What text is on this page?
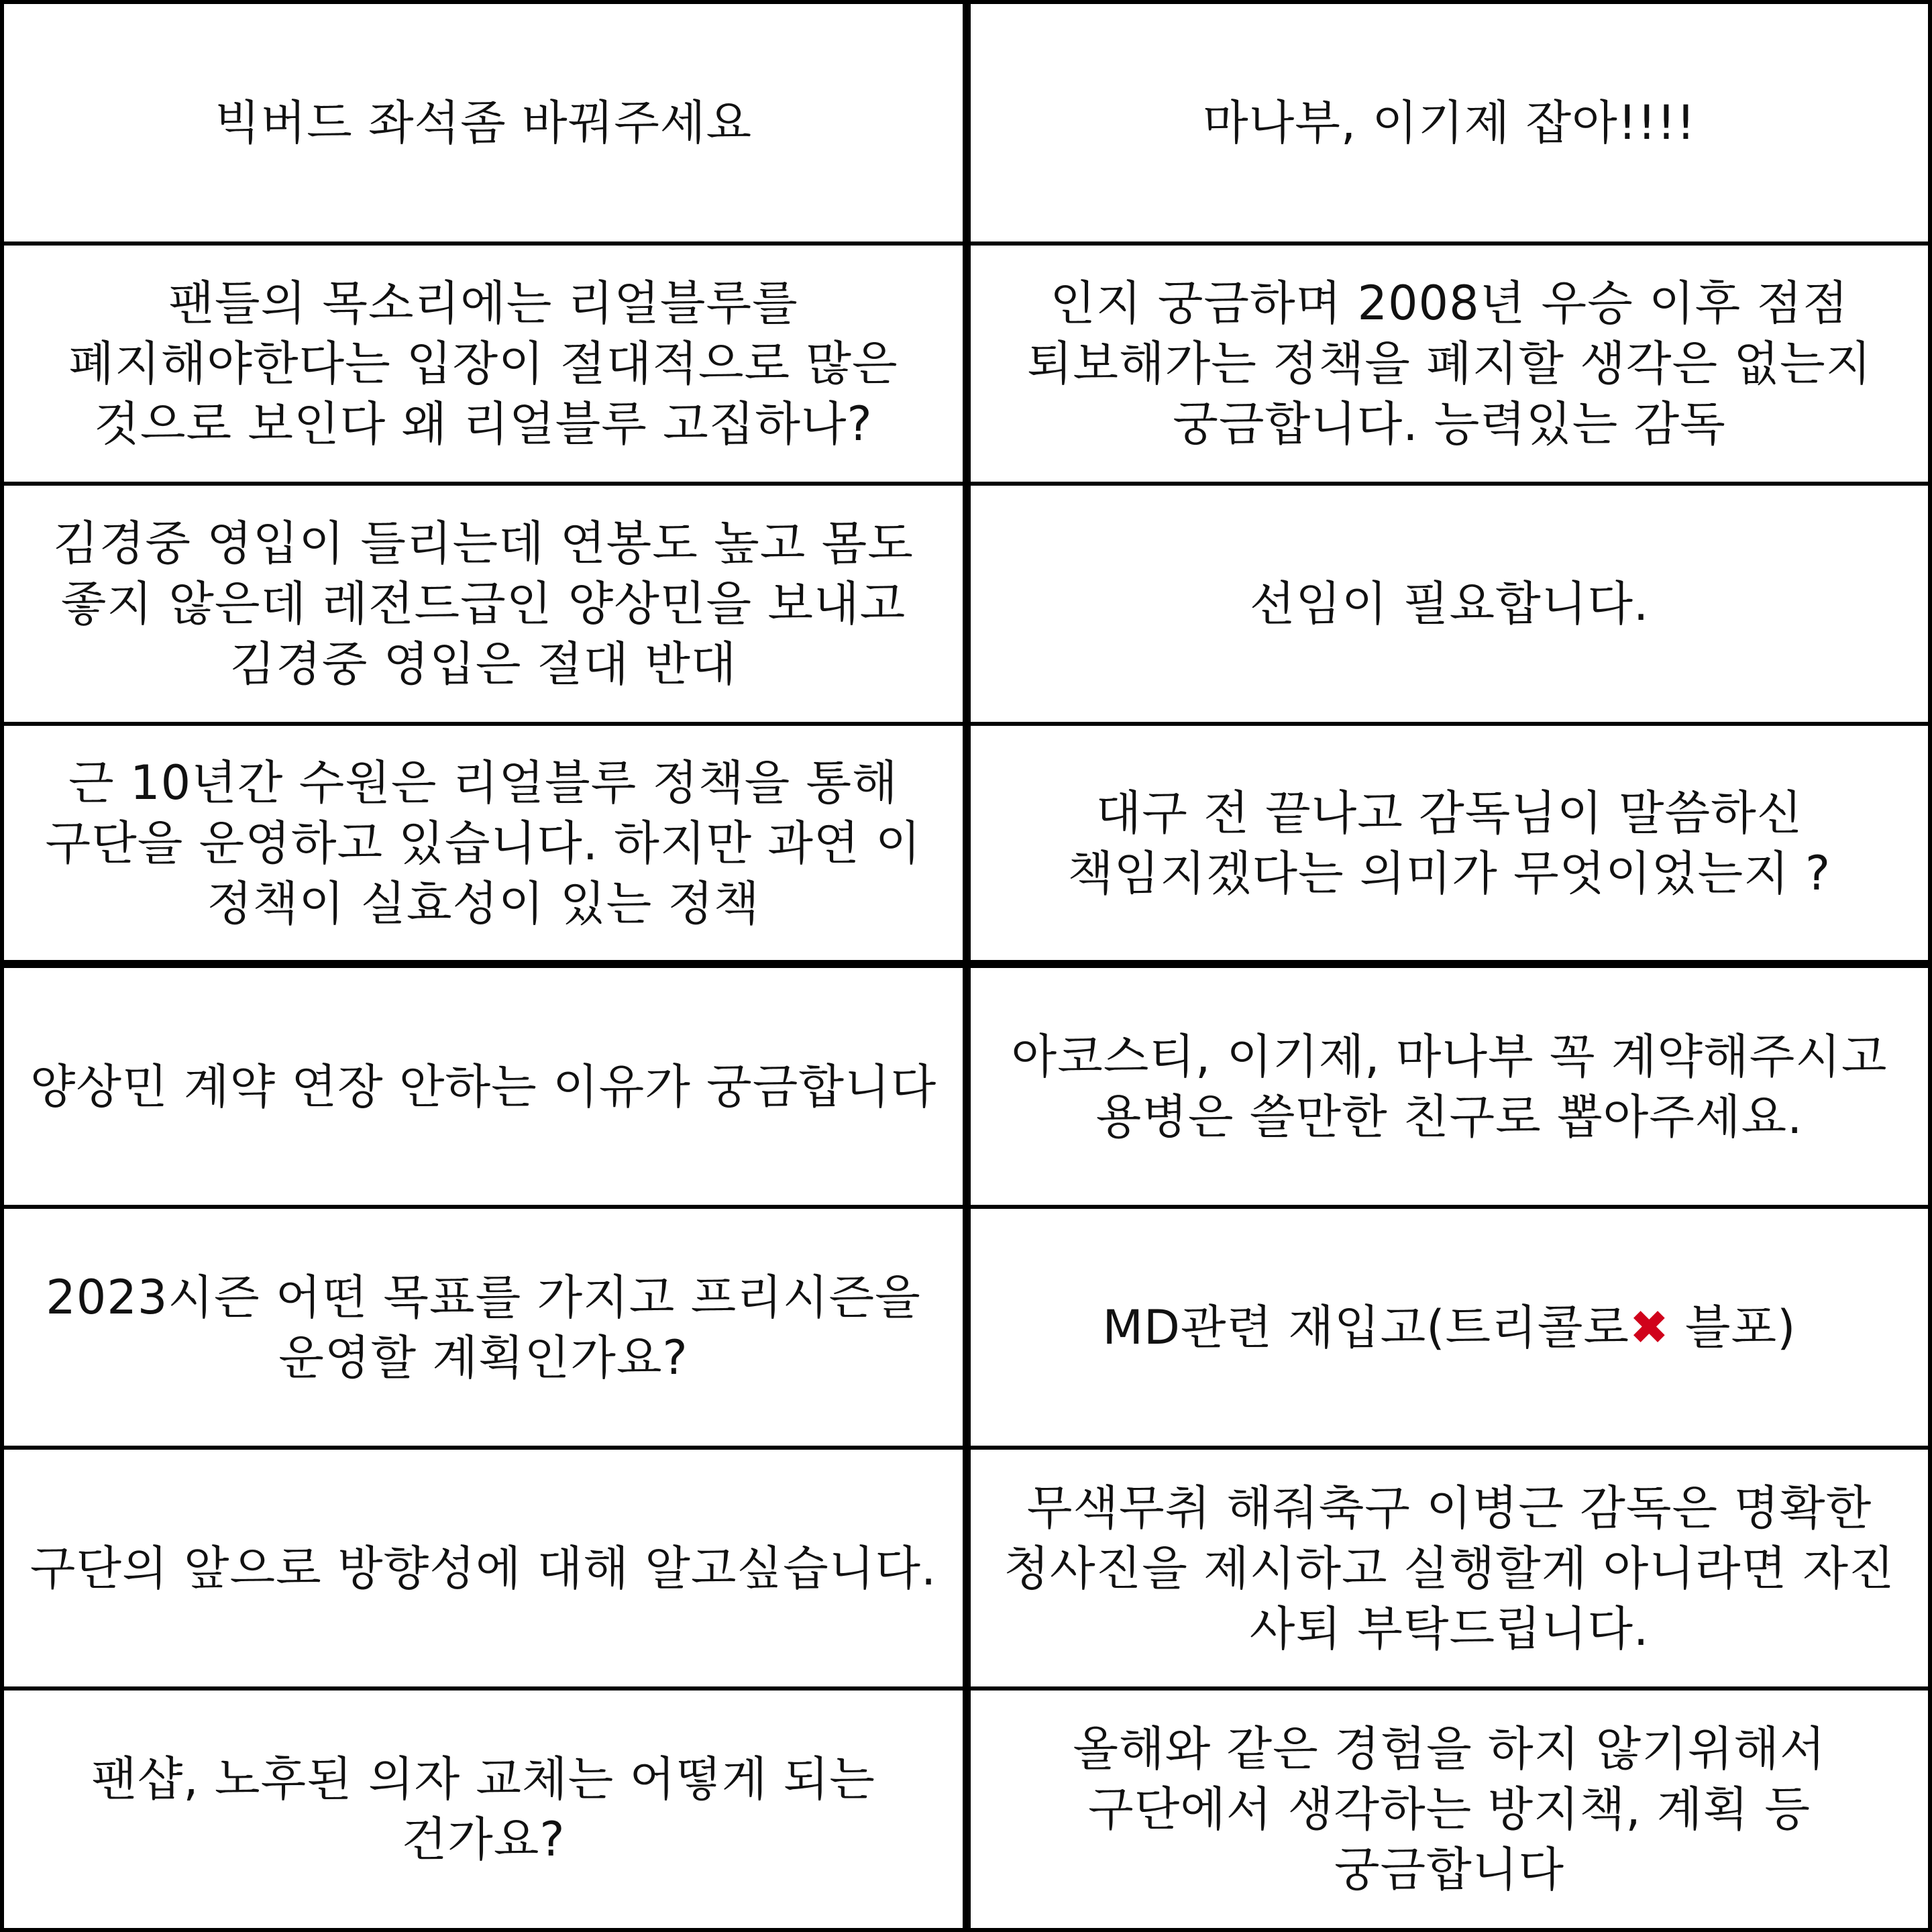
빅버드 좌석좀 바꿔주세요	마나부, 이기제 잡아!!!!
팬들의 목소리에는 리얼블루를
폐지해야한다는 입장이 절대적으로 많은
것으로 보인다 왜 리얼블루 고집하나?
인지 궁금하며 2008년 우승 이후 점점
퇴보해가는 정책을 폐지할 생각은 없는지
궁금합니다. 능력있는 감독
김경중 영입이 들리는데 연봉도 높고 몸도
좋지 않은데 레전드급인 양상민을 보내고
김경중 영입은 절대 반대
선임이 필요합니다.
근 10년간 수원은 리얼블루 정책을 통해
구단을 운영하고 있습니다. 하지만 과연 이
정책이 실효성이 있는 정책
대구 전 끝나고 감독님이 말씀하신
책임지겠다는 의미가 무엇이었는지 ?
양상민 계약 연장 안하는 이유가 궁금합니다
아코스티, 이기제, 마나부 꼭 계약해주시고
용병은 쓸만한 친구로 뽑아주세요.
2023시즌 어떤 목표를 가지고 프리시즌을
운영할 계획인가요?
MD관련 재입고(트리콜로 ✖ 블포)
구단의 앞으로 방향성에 대해 알고싶습니다.
무색무취 해줘축구 이병근 감독은 명확한
청사진을 제시하고 실행할게 아니라면 자진
사퇴 부탁드립니다.
팬샵, 노후된 의자 교체는 어떻게 되는
건가요?
올해와 같은 경험을 하지 않기위해서
구단에서 생각하는 방지책, 계획 등
궁금합니다
